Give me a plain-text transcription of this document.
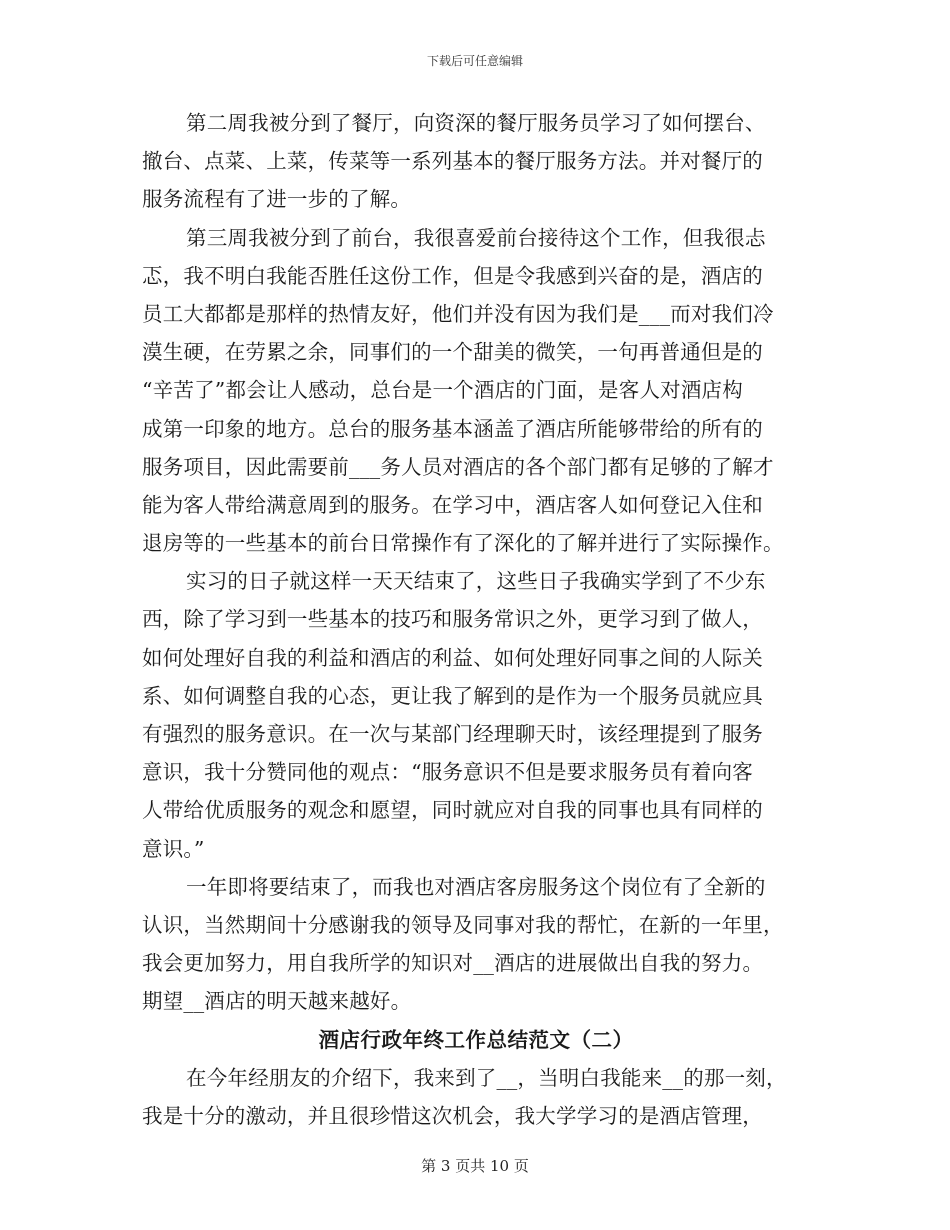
下载后可任意编辑
第二周我被分到了餐厅，向资深的餐厅服务员学习了如何摆台、
撤台、点菜、上菜，传菜等一系列基本的餐厅服务方法。并对餐厅的
服务流程有了进一步的了解。
第三周我被分到了前台，我很喜爱前台接待这个工作，但我很忐
忑，我不明白我能否胜任这份工作，但是令我感到兴奋的是，酒店的
员工大都都是那样的热情友好，他们并没有因为我们是___而对我们冷
漠生硬，在劳累之余，同事们的一个甜美的微笑，一句再普通但是的
“辛苦了”都会让人感动，总台是一个酒店的门面，是客人对酒店构
成第一印象的地方。总台的服务基本涵盖了酒店所能够带给的所有的
服务项目，因此需要前___务人员对酒店的各个部门都有足够的了解才
能为客人带给满意周到的服务。在学习中，酒店客人如何登记入住和
退房等的一些基本的前台日常操作有了深化的了解并进行了实际操作。
实习的日子就这样一天天结束了，这些日子我确实学到了不少东
西，除了学习到一些基本的技巧和服务常识之外，更学习到了做人，
如何处理好自我的利益和酒店的利益、如何处理好同事之间的人际关
系、如何调整自我的心态，更让我了解到的是作为一个服务员就应具
有强烈的服务意识。在一次与某部门经理聊天时，该经理提到了服务
意识，我十分赞同他的观点：“服务意识不但是要求服务员有着向客
人带给优质服务的观念和愿望，同时就应对自我的同事也具有同样的
意识。”
一年即将要结束了，而我也对酒店客房服务这个岗位有了全新的
认识，当然期间十分感谢我的领导及同事对我的帮忙，在新的一年里，
我会更加努力，用自我所学的知识对__酒店的进展做出自我的努力。
期望__酒店的明天越来越好。
酒店行政年终工作总结范文（二）
在今年经朋友的介绍下，我来到了__，当明白我能来__的那一刻，
我是十分的激动，并且很珍惜这次机会，我大学学习的是酒店管理，
第 3 页共 10 页
